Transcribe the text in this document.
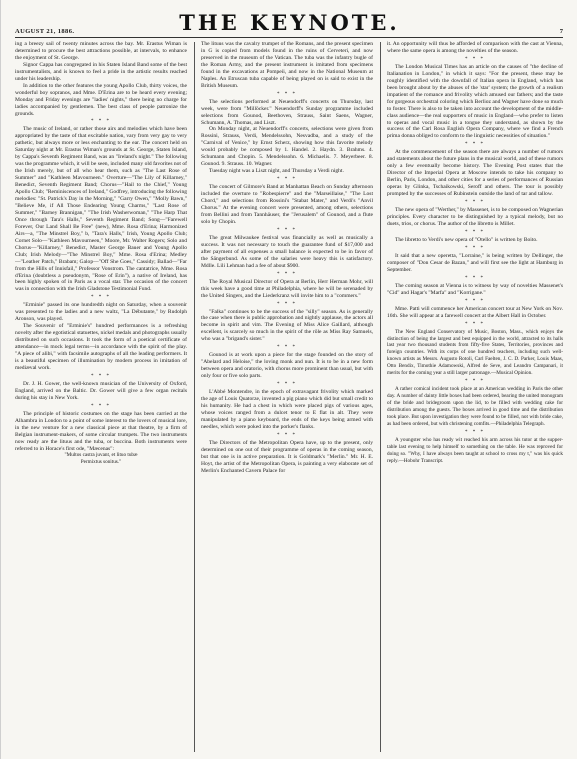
THE KEYNOTE.
AUGUST 21, 1886.	7

ing a breezy sail of twenty minutes across the bay. Mr. Erastus Wiman is determined to procure the best attractions possible, at intervals, to enhance the enjoyment of St. George.

Signor Cappa has congregated in his Staten Island Band some of the best instrumentalists, and is known to feel a pride in the artistic results reached under his leadership.

In addition to the other features the young Apollo Club, thirty voices, the wonderful boy sopranos, and Mme. D'Erina are to be heard every evening; Monday and Friday evenings are "ladies' nights," there being no charge for ladies accompanied by gentlemen. The best class of people patronize the grounds.

* * *

The music of Ireland, or rather those airs and melodies which have been appropriated by the taste of that excitable nation, vary from very gay to very pathetic, but always more or less enchanting to the ear. The concert held on Saturday night at Mr. Erastus Wiman's grounds at St. George, Staten Island, by Cappa's Seventh Regiment Band, was an "Ireland's night." The following was the programme which, it will be seen, included many old favorites not of the Irish merely, but of all who hear them, such as "The Last Rose of Summer" and "Kathleen Mavourneen." Overture—"The Lily of Killarney," Benedict, Seventh Regiment Band; Chorus—"Hail to the Chief," Young Apollo Club; "Reminiscences of Ireland," Godfrey, introducing the following melodies: "St. Patrick's Day in the Morning," "Garry Owen," "Molly Bawn," "Believe Me, if All Those Endearing Young Charms," "Last Rose of Summer," "Barney Brannigan," "The Irish Washerwoman," "The Harp That Once through Tara's Halls," Seventh Regiment Band; Song—"Farewell Forever, Our Land Shall Be Free" (new), Mme. Rosa d'Erina; Harmonized Airs—a, "The Minstrel Boy," b, "Tara's Halls," Irish, Young Apollo Club; Cornet Solo—"Kathleen Mavourneen," Moore, Mr. Walter Rogers; Solo and Chorus—"Killarney," Benedict, Master George Bauer and Young Apollo Club; Irish Melody—"The Minstrel Boy," Mme. Rosa d'Erina; Medley—"Leather Patch," Brabam; Galop—"Off She Goes," Cassidy; Ballad—"Far from the Hills of Innisfail," Professor Vonstrom. The cantatrice, Mme. Rosa d'Erina (doubtless a pseudonym, "Rose of Erin"), a native of Ireland, has been highly spoken of in Paris as a vocal star. The occasion of the concert was in connection with the Irish Gladstone Testimonial Fund.

* * *

"Erminie" passed its one hundredth night on Saturday, when a souvenir was presented to the ladies and a new waltz, "La Débutante," by Rudolph Aronson, was played.

The Souvenir of "Erminie's" hundred performances is a refreshing novelty after the egotistical statuettes, nickel medals and photographs usually distributed on such occasions. It took the form of a poetical certificate of attendance—in mock legal terms—in accordance with the spirit of the play. "A piece of alibi," with facsimile autographs of all the leading performers. It is a beautiful specimen of illumination by modern process in imitation of mediæval work.

* * *

Dr. J. H. Gower, the well-known musician of the University of Oxford, England, arrived on the Baltic. Dr. Gower will give a few organ recitals during his stay in New York.

* * *

The principle of historic costumes on the stage has been carried at the Alhambra in London to a point of some interest to the lovers of musical lore, in the new venture for a new classical piece at that theatre, by a firm of Belgian instrument-makers, of some circular trumpets. The two instruments now ready are the lituus and the tuba, or buccina. Both instruments were referred to in Horace's first ode, "Mæcenas":

"Multos castra juvant, et lituo tubæ
Permixtus sonitus."

The lituus was the cavalry trumpet of the Romans, and the present specimen in G is copied from models found in the ruins of Cerveteri, and now preserved in the museum of the Vatican. The tuba was the infantry bugle of the Roman Army, and the present instrument is imitated from specimens found in the excavations at Pompeii, and now in the National Museum at Naples. An Etruscan tuba capable of being played on is said to exist in the British Museum.

* * *

The selections performed at Neuendorff's concerts on Thursday, last week, were from "Millöcker." Neuendorff's Sunday programme included selections from Gounod, Beethoven, Strauss, Saint Saens, Wagner, Schumann, A. Thomas, and Liszt.

On Monday night, at Neuendorff's concerts, selections were given from Rossini, Strauss, Verdi, Mendelssohn, Nesvadba, and a study of the "Carnival of Venice," by Ernst Scherz, showing how this favorite melody would probably be composed by 1. Handel. 2. Haydn. 3. Brahms. 4. Schumann and Chopin. 5. Mendelssohn. 6. Michaelis. 7. Meyerbeer. 8. Gounod. 9. Strauss. 10. Wagner.

Tuesday night was a Liszt night, and Thursday a Verdi night.

* * *

The concert of Gilmore's Band at Manhattan Beach on Sunday afternoon included the overture to "Robespierre" and the "Marseillaise," "The Lost Chord," and selections from Rossini's "Stabat Mater," and Verdi's "Anvil Chorus." At the evening concert were presented, among others, selections from Bellini and from Tannhäuser, the "Jerusalem" of Gounod, and a flute solo by Chopin.

* * *

The great Milwaukee festival was financially as well as musically a success. It was not necessary to touch the guarantee fund of $17,000 and after payment of all expenses a small balance is expected to be in favor of the Sängerbund. As some of the salaries were heavy this is satisfactory. Mdlle. Lili Lehman had a fee of about $900.

* * *

The Royal Musical Director of Opera at Berlin, Herr Herman Mohr, will this week have a good time at Philadelphia, where he will be serenaded by the United Singers, and the Liederkranz will invite him to a "commers."

* * *

"Falka" continues to be the success of the "silly" season. As is generally the case when there is public approbation and nightly applause, the actors all become in spirit and vim. The Evening of Miss Alice Gaillard, although excellent, is scarcely so much in the spirit of the rôle as Miss Ray Samuels, who was a "brigand's sister."

* * *

Gounod is at work upon a piece for the stage founded on the story of "Abelard and Heloise," the loving monk and nun. It is to be in a new form between opera and oratorio, with chorus more prominent than usual, but with only four or five solo parts.

* * *

L'Abbé Montendre, in the epoch of extravagant frivolity which marked the age of Louis Quatorze, invented a pig piano which did but small credit to his humanity. He had a chest in which were placed pigs of various ages, whose voices ranged from a dulcet tenor to E flat in alt. They were manipulated by a piano keyboard, the ends of the keys being armed with needles, which were poked into the porker's flanks.

* * *

The Directors of the Metropolitan Opera have, up to the present, only determined on one out of their programme of operas in the coming season, but that one is in active preparation. It is Goldmark's "Merlin." Mr. H. E. Hoyt, the artist of the Metropolitan Opera, is painting a very elaborate set of Merlin's Enchanted Cavern Palace for

it. An opportunity will thus be afforded of comparison with the cast at Vienna, where the same opera is among the novelties of the season.

* * *

The London Musical Times has an article on the causes of "the decline of Italianation in London," in which it says: "For the present, these may be roughly identified with the downfall of Italian opera in England, which has been brought about by the abuses of the 'star' system; the growth of a realism impatient of the romance and frivolity which amused our fathers; and the taste for gorgeous orchestral coloring which Berlioz and Wagner have done so much to foster. There is also to be taken into account the development of the middle-class audience—the real supporters of music in England—who prefer to listen to operas and vocal music in a tongue they understand, as shown by the success of the Carl Rosa English Opera Company, where we find a French prima donna obliged to conform to the linguistic necessities of situation."

* * *

At the commencement of the season there are always a number of rumors and statements about the future plans in the musical world, and of these rumors only a few eventually become history. The Evening Post states that the Director of the Imperial Opera at Moscow intends to take his company to Berlin, Paris, London, and other cities for a series of performances of Russian operas by Glinka, Tschaikowski, Seroff and others. The tour is possibly prompted by the successes of Rubinstein outside the land of tar and tallow.

* * *

The new opera of "Werther," by Massenet, is to be composed on Wagnerian principles. Every character to be distinguished by a typical melody, but no duets, trios, or chorus. The author of the libretto is Millet.

* * *

The libretto to Verdi's new opera of "Otello" is written by Boito.

* * *

It said that a new operetta, "Lorraine," is being written by Dellinger, the composer of "Don Cesar de Bazan," and will first see the light at Hamburg in September.

* * *

The coming season at Vienna is to witness by way of novelties Massenet's "Cid" and Hagar's "Marfa" and "Korrigane."

* * *

Mme. Patti will commence her American concert tour at New York on Nov. 16th. She will appear at a farewell concert at the Albert Hall in October.

* * *

The New England Conservatory of Music, Boston, Mass., which enjoys the distinction of being the largest and best equipped in the world, attracted to its halls last year two thousand students from fifty-five States, Territories, provinces and foreign countries. With its corps of one hundred teachers, including such well-known artists as Messrs. Augusto Rotoli, Carl Faelten, J. C. D. Parker, Louis Maas, Otto Bendix, Timothie Adamowski, Alfred de Seve, and Leandro Campanari, it merits for the coming year a still larger patronage.—Musical Opinion.

* * *

A rather comical incident took place at an American wedding in Paris the other day. A number of dainty little boxes had been ordered, bearing the united monogram of the bride and bridegroom upon the lid, to be filled with wedding cake for distribution among the guests. The boxes arrived in good time and the distribution took place. But upon investigation they were found to be filled, not with bride cake, as had been ordered, but with christening comfits.—Philadelphia Telegraph.

* * *

A youngster who has ready wit reached his arm across his tutor at the supper-table last evening to help himself to something on the table. He was reproved for doing so. "Why, I have always been taught at school to cross my t," was his quick reply.—Hobohr Transcript.
